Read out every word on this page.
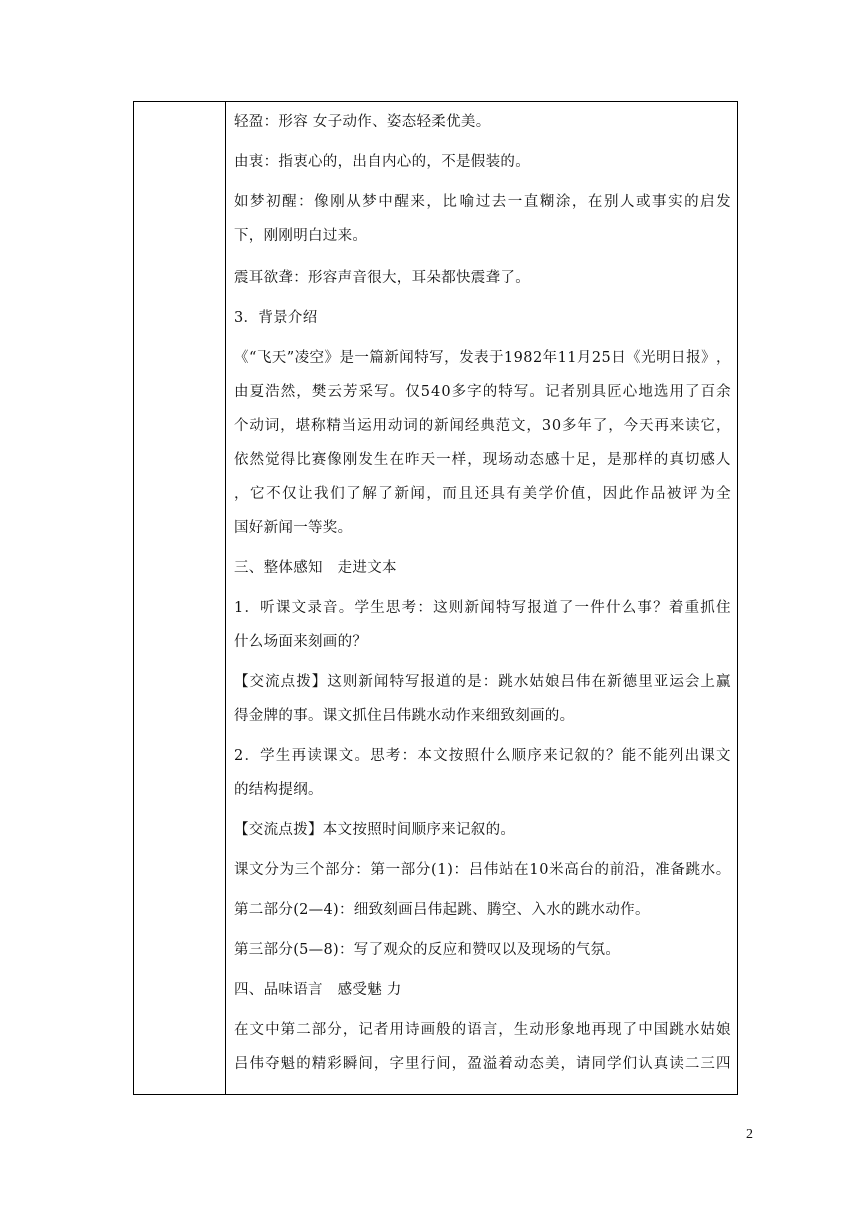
轻盈：形容 女子动作、姿态轻柔优美。
由衷：指衷心的，出自内心的，不是假装的。
如 梦 初 醒 ： 像 刚 从 梦 中 醒 来 ， 比 喻 过 去 一 直 糊 涂 ， 在 别 人 或 事 实 的 启 发
下，刚刚明白过来。
震耳欲聋：形容声音很大，耳朵都快震聋了。
3．背景介绍
《 “ 飞 天 ” 凌 空 》 是 一 篇 新 闻 特 写 ， 发 表 于 1 9 8 2 年 1 1 月 2 5 日 《 光 明 日 报 》 ，
由 夏 浩 然 ， 樊 云 芳 采 写 。 仅 5 4 0 多 字 的 特 写 。 记 者 别 具 匠 心 地 选 用 了 百 余
个 动 词 ， 堪 称 精 当 运 用 动 词 的 新 闻 经 典 范 文 ， 3 0 多 年 了 ， 今 天 再 来 读 它 ，
依 然 觉 得 比 赛 像 刚 发 生 在 昨 天 一 样 ， 现 场 动 态 感 十 足 ， 是 那 样 的 真 切 感 人
， 它 不 仅 让 我 们 了 解 了 新 闻 ， 而 且 还 具 有 美 学 价 值 ， 因 此 作 品 被 评 为 全
国好新闻一等奖。
三、整体感知　走进文本
1 ． 听 课 文 录 音 。 学 生 思 考 ： 这 则 新 闻 特 写 报 道 了 一 件 什 么 事 ？ 着 重 抓 住
什么场面来刻画的？
【 交 流 点 拨 】 这 则 新 闻 特 写 报 道 的 是 ： 跳 水 姑 娘 吕 伟 在 新 德 里 亚 运 会 上 赢
得金牌的事。课文抓住吕伟跳水动作来细致刻画的。
2 ． 学 生 再 读 课 文 。 思 考 ： 本 文 按 照 什 么 顺 序 来 记 叙 的 ？ 能 不 能 列 出 课 文
的结构提纲。
【交流点拨】本文按照时间顺序来记叙的。
课 文 分 为 三 个 部 分 ： 第 一 部 分 ( 1 ) ： 吕 伟 站 在 1 0 米 高 台 的 前 沿 ， 准 备 跳 水 。
第二部分(2—4)：细致刻画吕伟起跳、腾空、入水的跳水动作。
第三部分(5—8)：写了观众的反应和赞叹以及现场的气氛。
四、品味语言　感受魅 力
在 文 中 第 二 部 分 ， 记 者 用 诗 画 般 的 语 言 ， 生 动 形 象 地 再 现 了 中 国 跳 水 姑 娘
吕 伟 夺 魁 的 精 彩 瞬 间 ， 字 里 行 间 ， 盈 溢 着 动 态 美 ， 请 同 学 们 认 真 读 二 三 四
2
